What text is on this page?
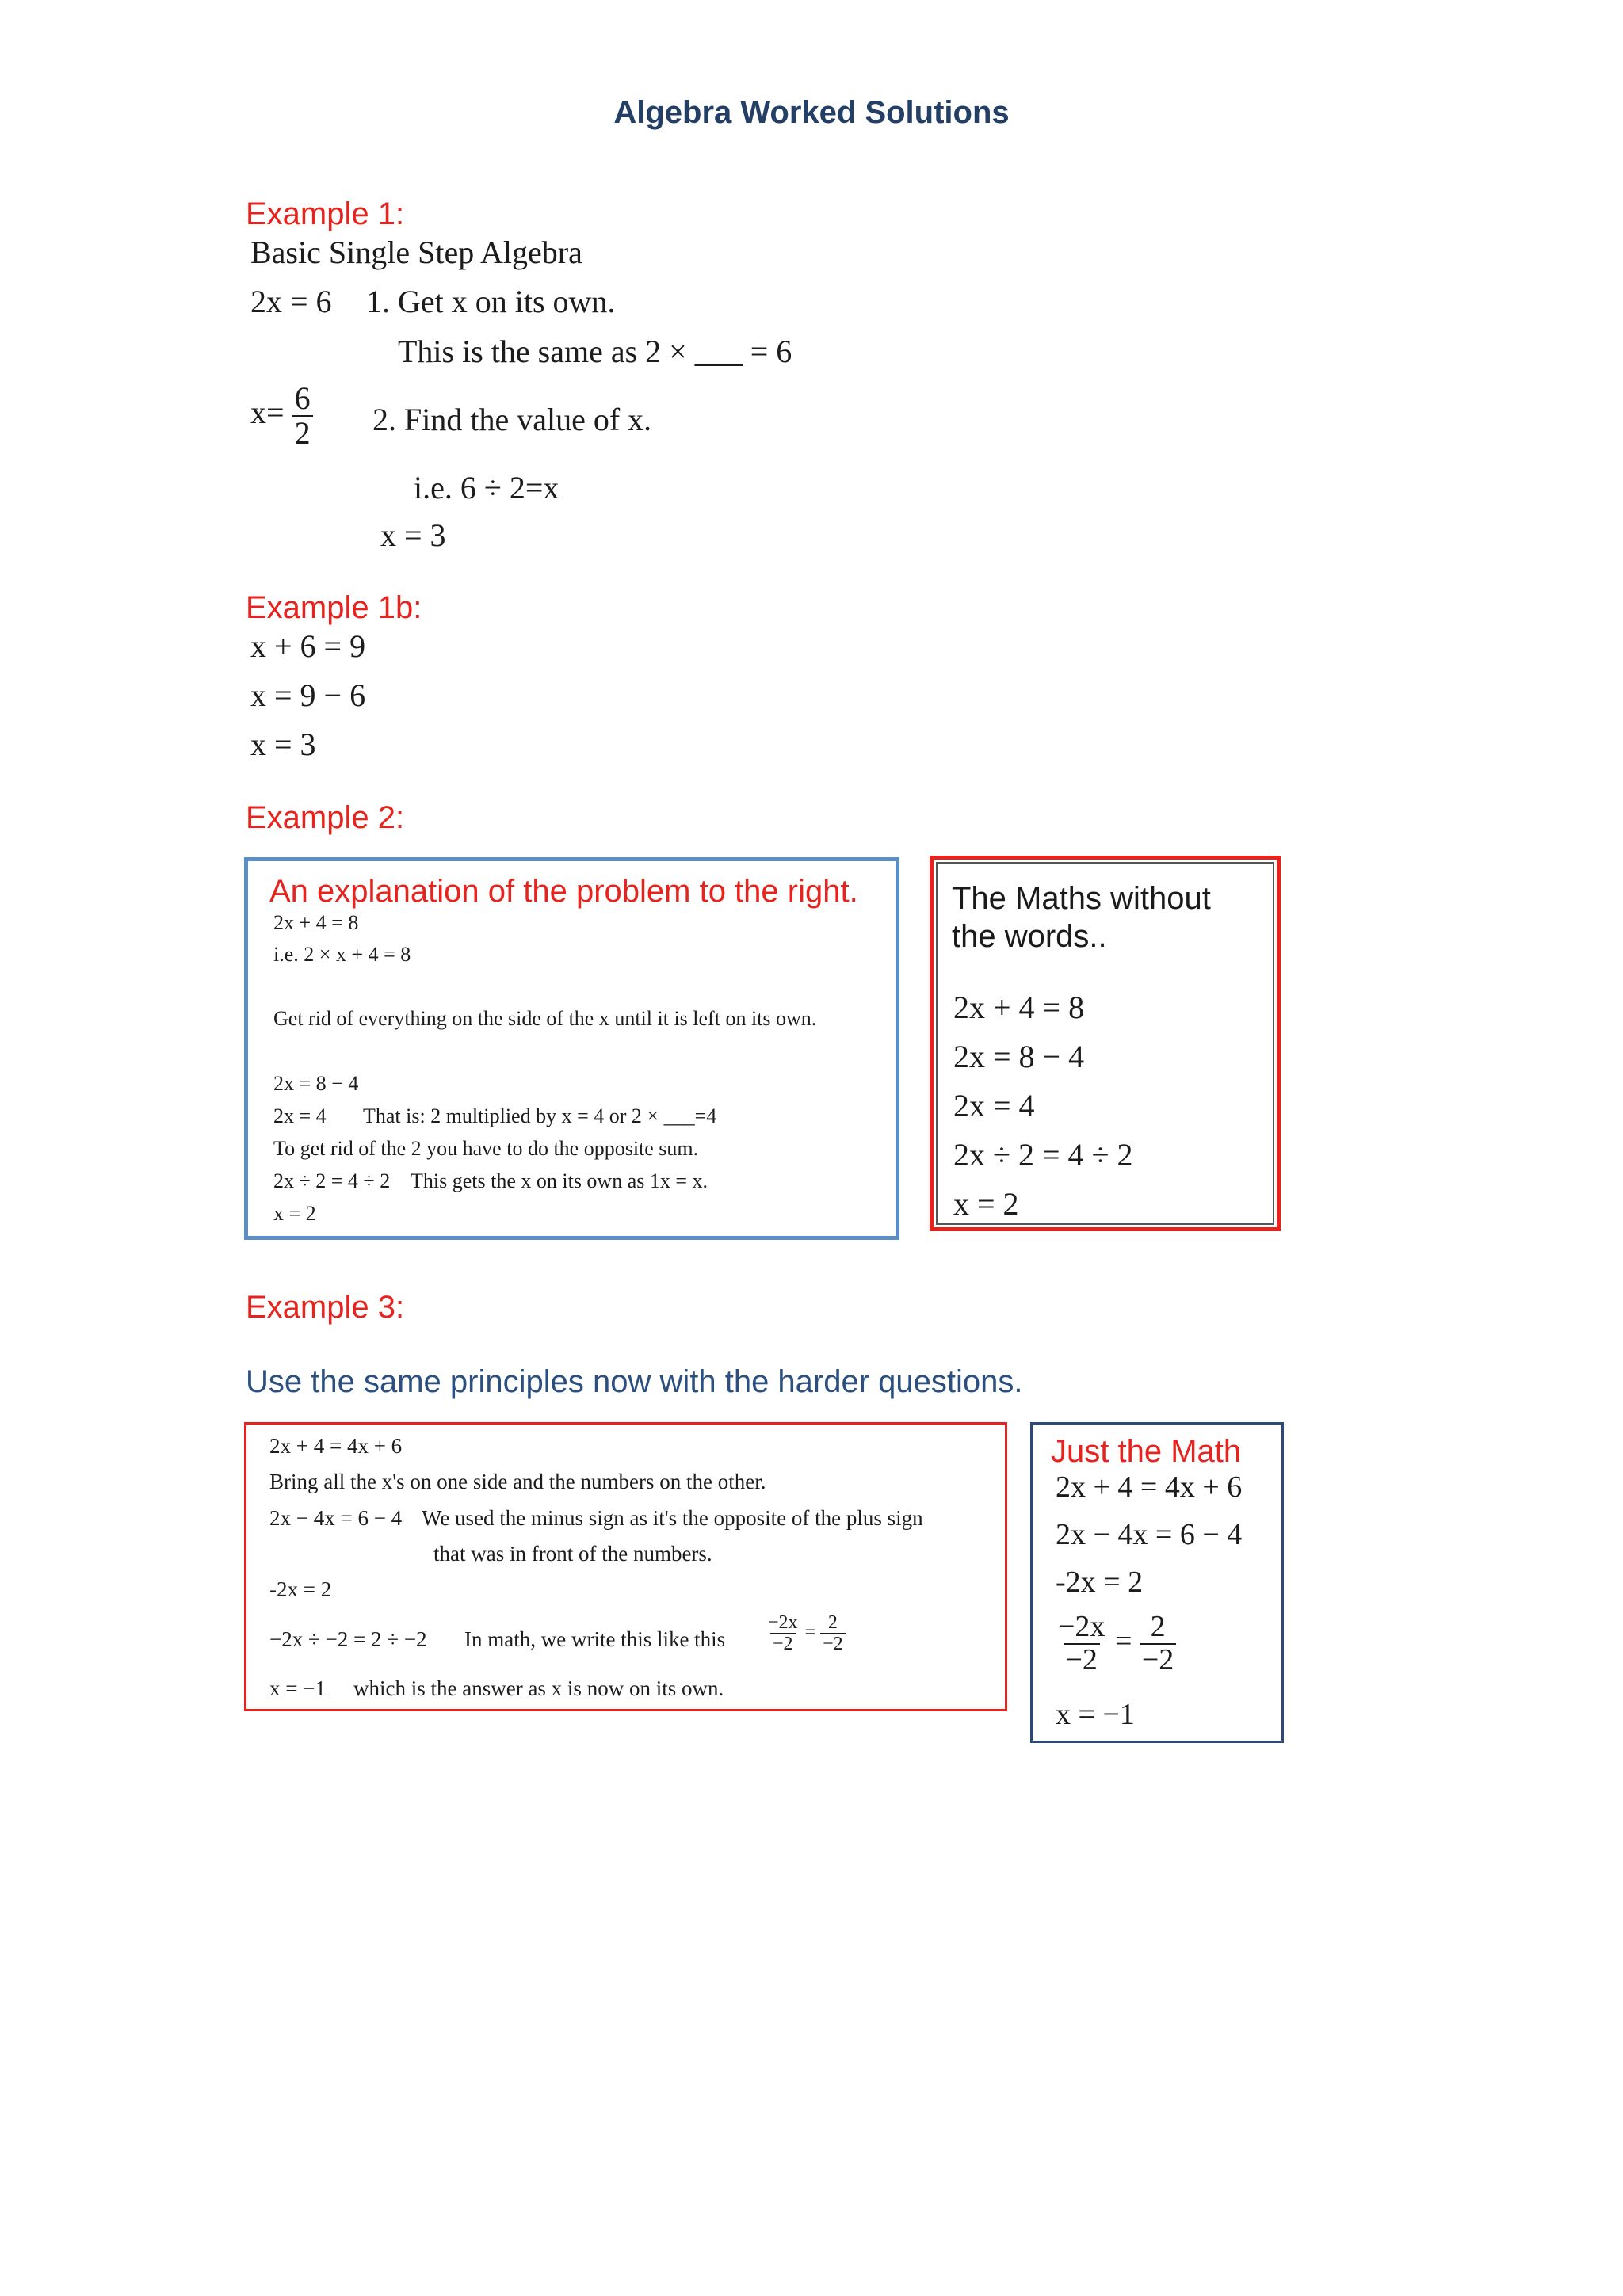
Algebra Worked Solutions
Example 1:
Basic Single Step Algebra
2x = 6 1. Get x on its own.
This is the same as 2 × ___ = 6
$x= \frac{6}{2} 2$. Find the value of x.
i.e. 6 ÷ 2=x
x = 3
Example 1b:
x + 6 = 9
x = 9 − 6
x = 3
Example 2:
An explanation of the problem to the right.
2x + 4 = 8
i.e. 2 × x + 4 = 8
Get rid of everything on the side of the x until it is left on its own.
2x = 8 − 4
2x = 4 That is: 2 multiplied by x = 4 or 2 × ___=4
To get rid of the 2 you have to do the opposite sum.
2x ÷ 2 = 4 ÷ 2 This gets the x on its own as 1x = x.
x = 2
The Maths without
the words..
2x + 4 = 8
2x = 8 − 4
2x = 4
2x ÷ 2 = 4 ÷ 2
x = 2
Example 3:
Use the same principles now with the harder questions.
2x + 4 = 4x + 6
Bring all the x's on one side and the numbers on the other.
2x − 4x = 6 − 4 We used the minus sign as it's the opposite of the plus sign
that was in front of the numbers.
-2x = 2
−2x ÷ −2 = 2 ÷ −2 In math, we write this like this $\frac{-2x}{-2} = \frac{2}{-2}$
x = −1 which is the answer as x is now on its own.
Just the Math
2x + 4 = 4x + 6
2x − 4x = 6 − 4
-2x = 2
$\frac{-2x}{-2} = \frac{2}{-2}$
x = −1
